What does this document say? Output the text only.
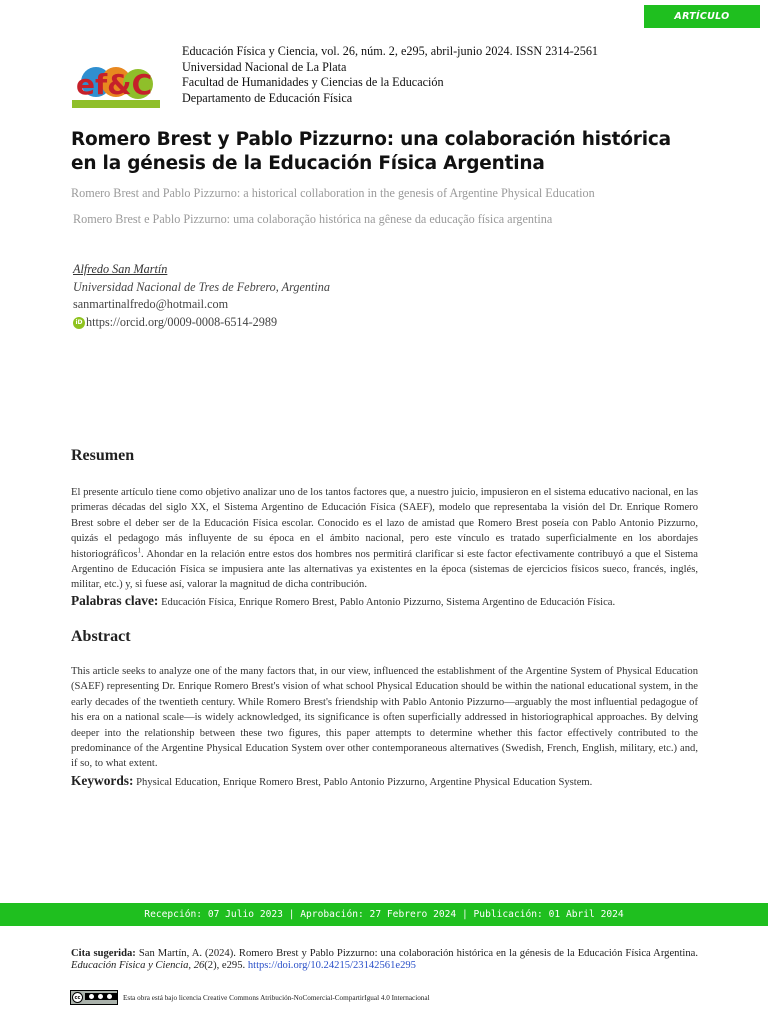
ARTÍCULO
ef&C
Educación Física y Ciencia, vol. 26, núm. 2, e295, abril-junio 2024. ISSN 2314-2561
Universidad Nacional de La Plata
Facultad de Humanidades y Ciencias de la Educación
Departamento de Educación Física
Romero Brest y Pablo Pizzurno: una colaboración histórica en la génesis de la Educación Física Argentina
Romero Brest and Pablo Pizzurno: a historical collaboration in the genesis of Argentine Physical Education
Romero Brest e Pablo Pizzurno: uma colaboração histórica na gênese da educação física argentina
Alfredo San Martín
Universidad Nacional de Tres de Febrero, Argentina
sanmartinalfredo@hotmail.com
iD https://orcid.org/0009-0008-6514-2989
Resumen

El presente artículo tiene como objetivo analizar uno de los tantos factores que, a nuestro juicio, impusieron en el sistema educativo nacional, en las primeras décadas del siglo XX, el Sistema Argentino de Educación Física (SAEF), modelo que representaba la visión del Dr. Enrique Romero Brest sobre el deber ser de la Educación Física escolar. Conocido es el lazo de amistad que Romero Brest poseía con Pablo Antonio Pizzurno, quizás el pedagogo más influyente de su época en el ámbito nacional, pero este vínculo es tratado superficialmente en los abordajes historiográficos$^1$. Ahondar en la relación entre estos dos hombres nos permitirá clarificar si este factor efectivamente contribuyó a que el Sistema Argentino de Educación Física se impusiera ante las alternativas ya existentes en la época (sistemas de ejercicios físicos sueco, francés, inglés, militar, etc.) y, si fuese así, valorar la magnitud de dicha contribución.

Palabras clave: Educación Física, Enrique Romero Brest, Pablo Antonio Pizzurno, Sistema Argentino de Educación Física.
Abstract

This article seeks to analyze one of the many factors that, in our view, influenced the establishment of the Argentine System of Physical Education (SAEF) representing Dr. Enrique Romero Brest's vision of what school Physical Education should be within the national educational system, in the early decades of the twentieth century. While Romero Brest's friendship with Pablo Antonio Pizzurno—arguably the most influential pedagogue of his era on a national scale—is widely acknowledged, its significance is often superficially addressed in historiographical approaches. By delving deeper into the relationship between these two figures, this paper attempts to determine whether this factor effectively contributed to the predominance of the Argentine Physical Education System over other contemporaneous alternatives (Swedish, French, English, military, etc.) and, if so, to what extent.

Keywords: Physical Education, Enrique Romero Brest, Pablo Antonio Pizzurno, Argentine Physical Education System.
Recepción: 07 Julio 2023 | Aprobación: 27 Febrero 2024 | Publicación: 01 Abril 2024

Cita sugerida: San Martín, A. (2024). Romero Brest y Pablo Pizzurno: una colaboración histórica en la génesis de la Educación Física Argentina. Educación Física y Ciencia, 26(2), e295. https://doi.org/10.24215/23142561e295

cc	Esta obra está bajo licencia Creative Commons Atribución-NoComercial-CompartirIgual 4.0 Internacional
